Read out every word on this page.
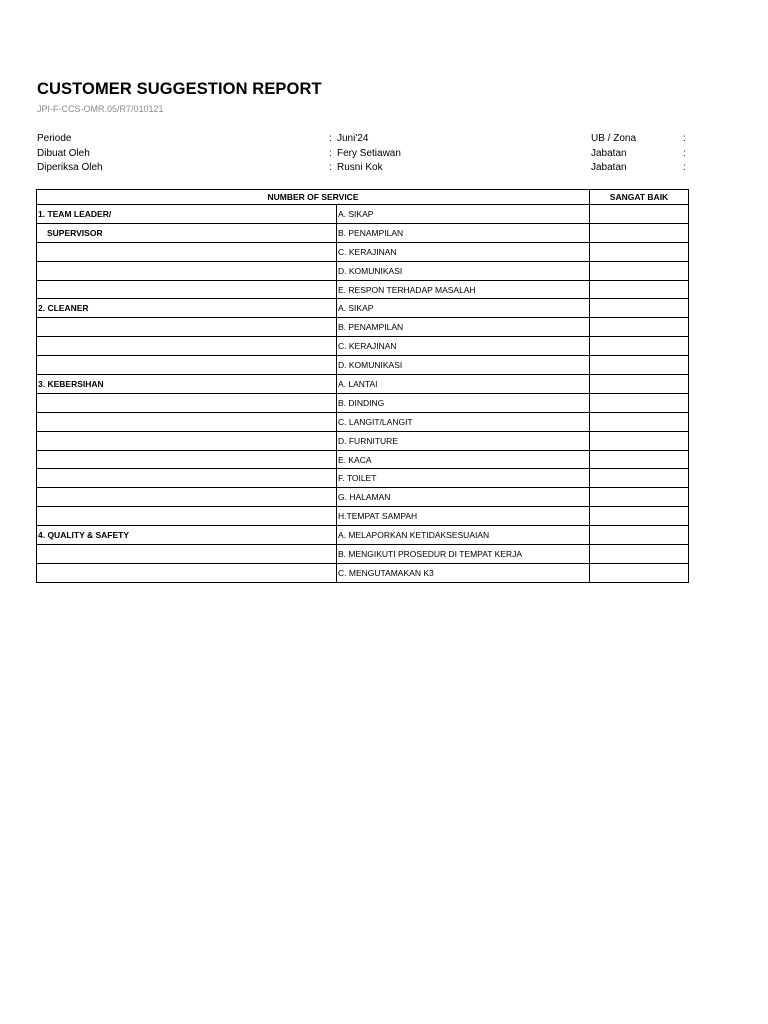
CUSTOMER SUGGESTION REPORT
JPI-F-CCS-OMR.05/R7/010121
Periode	: Juni'24
Dibuat Oleh	: Fery Setiawan
Diperiksa Oleh	: Rusni Kok
UB / Zona	:
Jabatan	:
Jabatan	:
NUMBER OF SERVICE		SANGAT BAIK
1. TEAM LEADER/	A. SIKAP	
SUPERVISOR	B. PENAMPILAN	
	C. KERAJINAN	
	D. KOMUNIKASI	
	E. RESPON TERHADAP MASALAH	
2. CLEANER	A. SIKAP	
	B. PENAMPILAN	
	C. KERAJINAN	
	D. KOMUNIKASI	
3. KEBERSIHAN	A. LANTAI	
	B. DINDING	
	C. LANGIT/LANGIT	
	D. FURNITURE	
	E. KACA	
	F. TOILET	
	G. HALAMAN	
	H.TEMPAT SAMPAH	
4. QUALITY & SAFETY	A. MELAPORKAN KETIDAKSESUAIAN	
	B. MENGIKUTI PROSEDUR DI TEMPAT KERJA	
	C. MENGUTAMAKAN K3	
